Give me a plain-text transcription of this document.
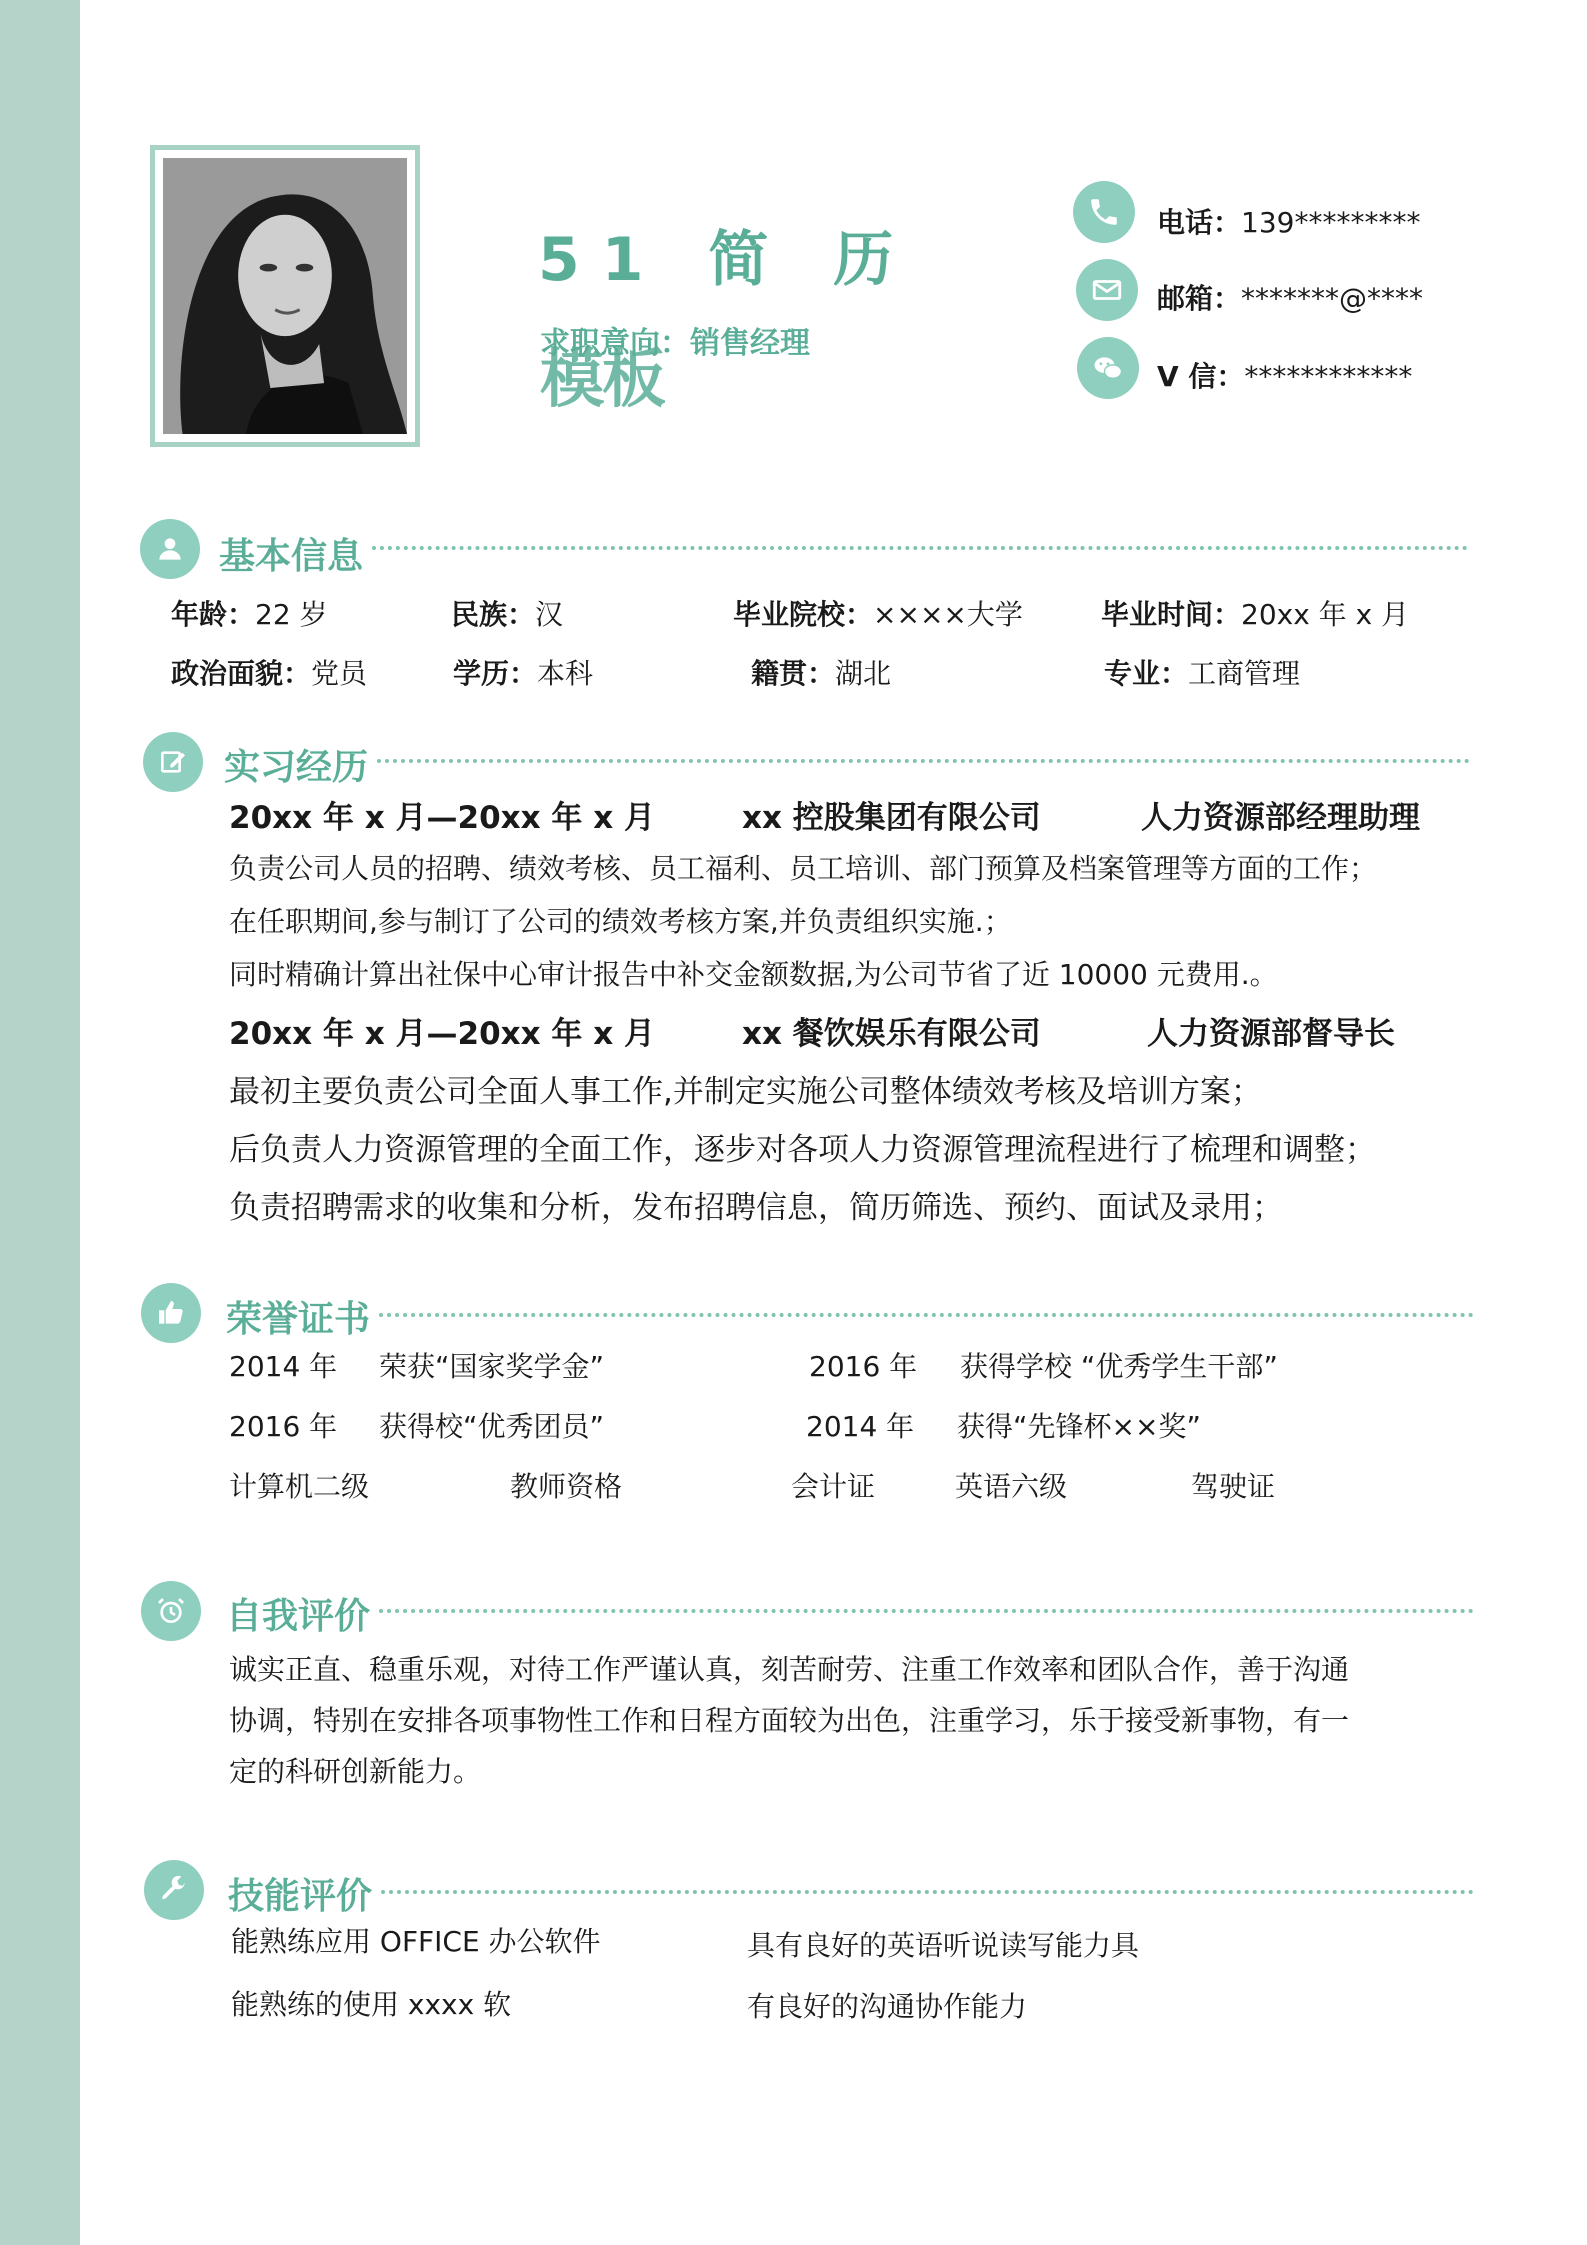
51 简 历
模板
求职意向：销售经理
电话：139*********
邮箱：*******@****
V 信：************
基本信息
年龄：22 岁	民族：汉	毕业院校：××××大学	毕业时间：20xx 年 x 月
政治面貌：党员	学历：本科	籍贯：湖北	专业：工商管理
实习经历
20xx 年 x 月—20xx 年 x 月	xx 控股集团有限公司	人力资源部经理助理
负责公司人员的招聘、绩效考核、员工福利、员工培训、部门预算及档案管理等方面的工作；
在任职期间,参与制订了公司的绩效考核方案,并负责组织实施.；
同时精确计算出社保中心审计报告中补交金额数据,为公司节省了近 10000 元费用.。
20xx 年 x 月—20xx 年 x 月	xx 餐饮娱乐有限公司	人力资源部督导长
最初主要负责公司全面人事工作,并制定实施公司整体绩效考核及培训方案；
后负责人力资源管理的全面工作，逐步对各项人力资源管理流程进行了梳理和调整；
负责招聘需求的收集和分析，发布招聘信息，简历筛选、预约、面试及录用；
荣誉证书
2014 年 荣获“国家奖学金”	2016 年 获得学校 “优秀学生干部”
2016 年 获得校“优秀团员”	2014 年 获得“先锋杯××奖”
计算机二级	教师资格	会计证	英语六级	驾驶证
自我评价
诚实正直、稳重乐观，对待工作严谨认真，刻苦耐劳、注重工作效率和团队合作，善于沟通
协调，特别在安排各项事物性工作和日程方面较为出色，注重学习，乐于接受新事物，有一
定的科研创新能力。
技能评价
能熟练应用 OFFICE 办公软件	具有良好的英语听说读写能力具
能熟练的使用 xxxx 软	有良好的沟通协作能力
